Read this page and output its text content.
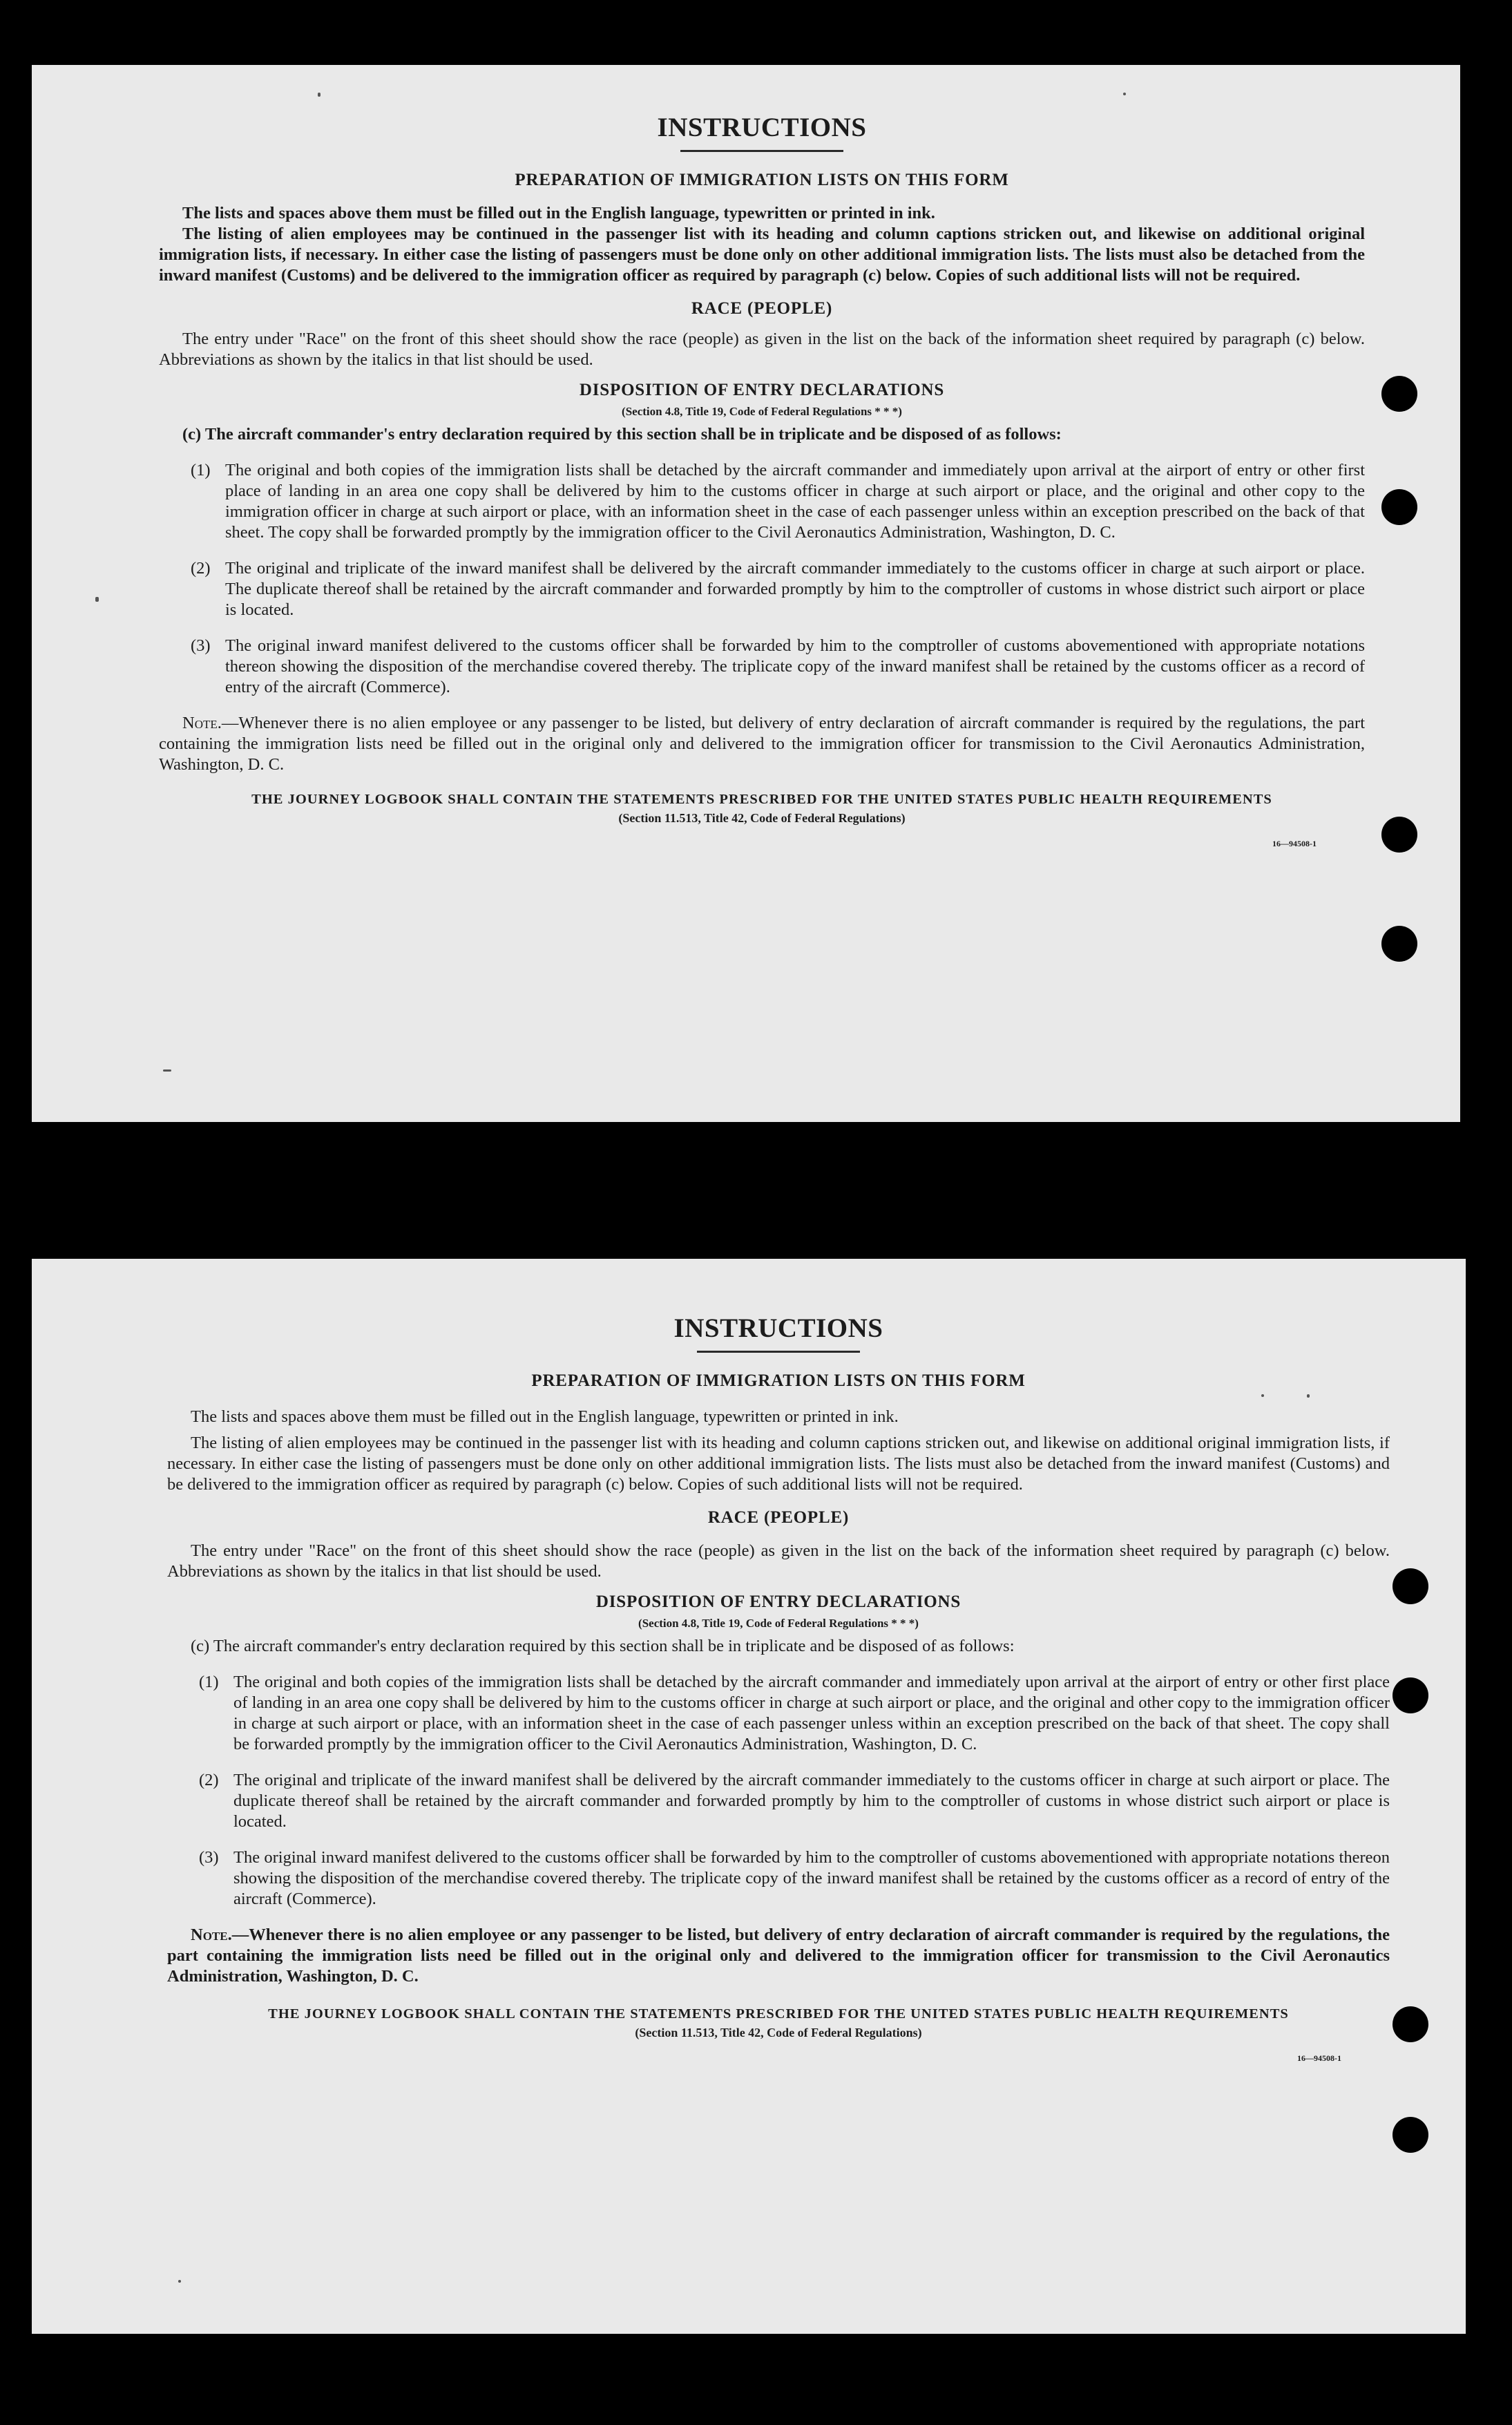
INSTRUCTIONS
PREPARATION OF IMMIGRATION LISTS ON THIS FORM

The lists and spaces above them must be filled out in the English language, typewritten or printed in ink.

The listing of alien employees may be continued in the passenger list with its heading and column captions stricken out, and likewise on additional original immigration lists, if necessary. In either case the listing of passengers must be done only on other additional immigration lists. The lists must also be detached from the inward manifest (Customs) and be delivered to the immigration officer as required by paragraph (c) below. Copies of such additional lists will not be required.

RACE (PEOPLE)

The entry under "Race" on the front of this sheet should show the race (people) as given in the list on the back of the information sheet required by paragraph (c) below. Abbreviations as shown by the italics in that list should be used.

DISPOSITION OF ENTRY DECLARATIONS
(Section 4.8, Title 19, Code of Federal Regulations * * *)

(c) The aircraft commander's entry declaration required by this section shall be in triplicate and be disposed of as follows:

(1) The original and both copies of the immigration lists shall be detached by the aircraft commander and immediately upon arrival at the airport of entry or other first place of landing in an area one copy shall be delivered by him to the customs officer in charge at such airport or place, and the original and other copy to the immigration officer in charge at such airport or place, with an information sheet in the case of each passenger unless within an exception prescribed on the back of that sheet. The copy shall be forwarded promptly by the immigration officer to the Civil Aeronautics Administration, Washington, D. C.
(2) The original and triplicate of the inward manifest shall be delivered by the aircraft commander immediately to the customs officer in charge at such airport or place. The duplicate thereof shall be retained by the aircraft commander and forwarded promptly by him to the comptroller of customs in whose district such airport or place is located.
(3) The original inward manifest delivered to the customs officer shall be forwarded by him to the comptroller of customs abovementioned with appropriate notations thereon showing the disposition of the merchandise covered thereby. The triplicate copy of the inward manifest shall be retained by the customs officer as a record of entry of the aircraft (Commerce).

Note.—Whenever there is no alien employee or any passenger to be listed, but delivery of entry declaration of aircraft commander is required by the regulations, the part containing the immigration lists need be filled out in the original only and delivered to the immigration officer for transmission to the Civil Aeronautics Administration, Washington, D. C.

THE JOURNEY LOGBOOK SHALL CONTAIN THE STATEMENTS PRESCRIBED FOR THE UNITED STATES PUBLIC HEALTH REQUIREMENTS

(Section 11.513, Title 42, Code of Federal Regulations)

16—94508-1

INSTRUCTIONS
PREPARATION OF IMMIGRATION LISTS ON THIS FORM

The lists and spaces above them must be filled out in the English language, typewritten or printed in ink.

The listing of alien employees may be continued in the passenger list with its heading and column captions stricken out, and likewise on additional original immigration lists, if necessary. In either case the listing of passengers must be done only on other additional immigration lists. The lists must also be detached from the inward manifest (Customs) and be delivered to the immigration officer as required by paragraph (c) below. Copies of such additional lists will not be required.

RACE (PEOPLE)

The entry under "Race" on the front of this sheet should show the race (people) as given in the list on the back of the information sheet required by paragraph (c) below. Abbreviations as shown by the italics in that list should be used.

DISPOSITION OF ENTRY DECLARATIONS
(Section 4.8, Title 19, Code of Federal Regulations * * *)

(c) The aircraft commander's entry declaration required by this section shall be in triplicate and be disposed of as follows:

(1) The original and both copies of the immigration lists shall be detached by the aircraft commander and immediately upon arrival at the airport of entry or other first place of landing in an area one copy shall be delivered by him to the customs officer in charge at such airport or place, and the original and other copy to the immigration officer in charge at such airport or place, with an information sheet in the case of each passenger unless within an exception prescribed on the back of that sheet. The copy shall be forwarded promptly by the immigration officer to the Civil Aeronautics Administration, Washington, D. C.
(2) The original and triplicate of the inward manifest shall be delivered by the aircraft commander immediately to the customs officer in charge at such airport or place. The duplicate thereof shall be retained by the aircraft commander and forwarded promptly by him to the comptroller of customs in whose district such airport or place is located.
(3) The original inward manifest delivered to the customs officer shall be forwarded by him to the comptroller of customs abovementioned with appropriate notations thereon showing the disposition of the merchandise covered thereby. The triplicate copy of the inward manifest shall be retained by the customs officer as a record of entry of the aircraft (Commerce).

Note.—Whenever there is no alien employee or any passenger to be listed, but delivery of entry declaration of aircraft commander is required by the regulations, the part containing the immigration lists need be filled out in the original only and delivered to the immigration officer for transmission to the Civil Aeronautics Administration, Washington, D. C.

THE JOURNEY LOGBOOK SHALL CONTAIN THE STATEMENTS PRESCRIBED FOR THE UNITED STATES PUBLIC HEALTH REQUIREMENTS

(Section 11.513, Title 42, Code of Federal Regulations)

16—94508-1
